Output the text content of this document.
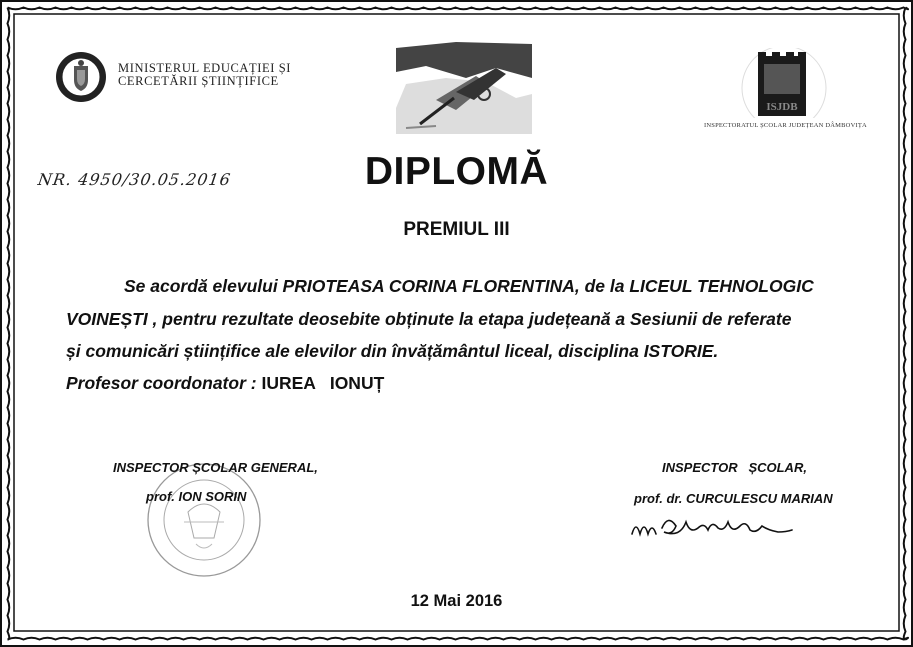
MINISTERUL EDUCAȚIEI ȘI
CERCETĂRII ȘTIINȚIFICE
ISJDB
INSPECTORATUL ȘCOLAR JUDEȚEAN DÂMBOVIȚA
NR. 4950/30.05.2016	DIPLOMĂ
PREMIUL III
Se acordă elevului PRIOTEASA CORINA FLORENTINA, de la LICEUL TEHNOLOGIC
VOINEȘTI , pentru rezultate deosebite obținute la etapa județeană a Sesiunii de referate
și comunicări științifice ale elevilor din învățământul liceal, disciplina ISTORIE.
Profesor coordonator : IUREA   IONUȚ
INSPECTOR ȘCOLAR GENERAL,
prof. ION SORIN
INSPECTOR   ȘCOLAR,
prof. dr. CURCULESCU MARIAN
12 Mai 2016
